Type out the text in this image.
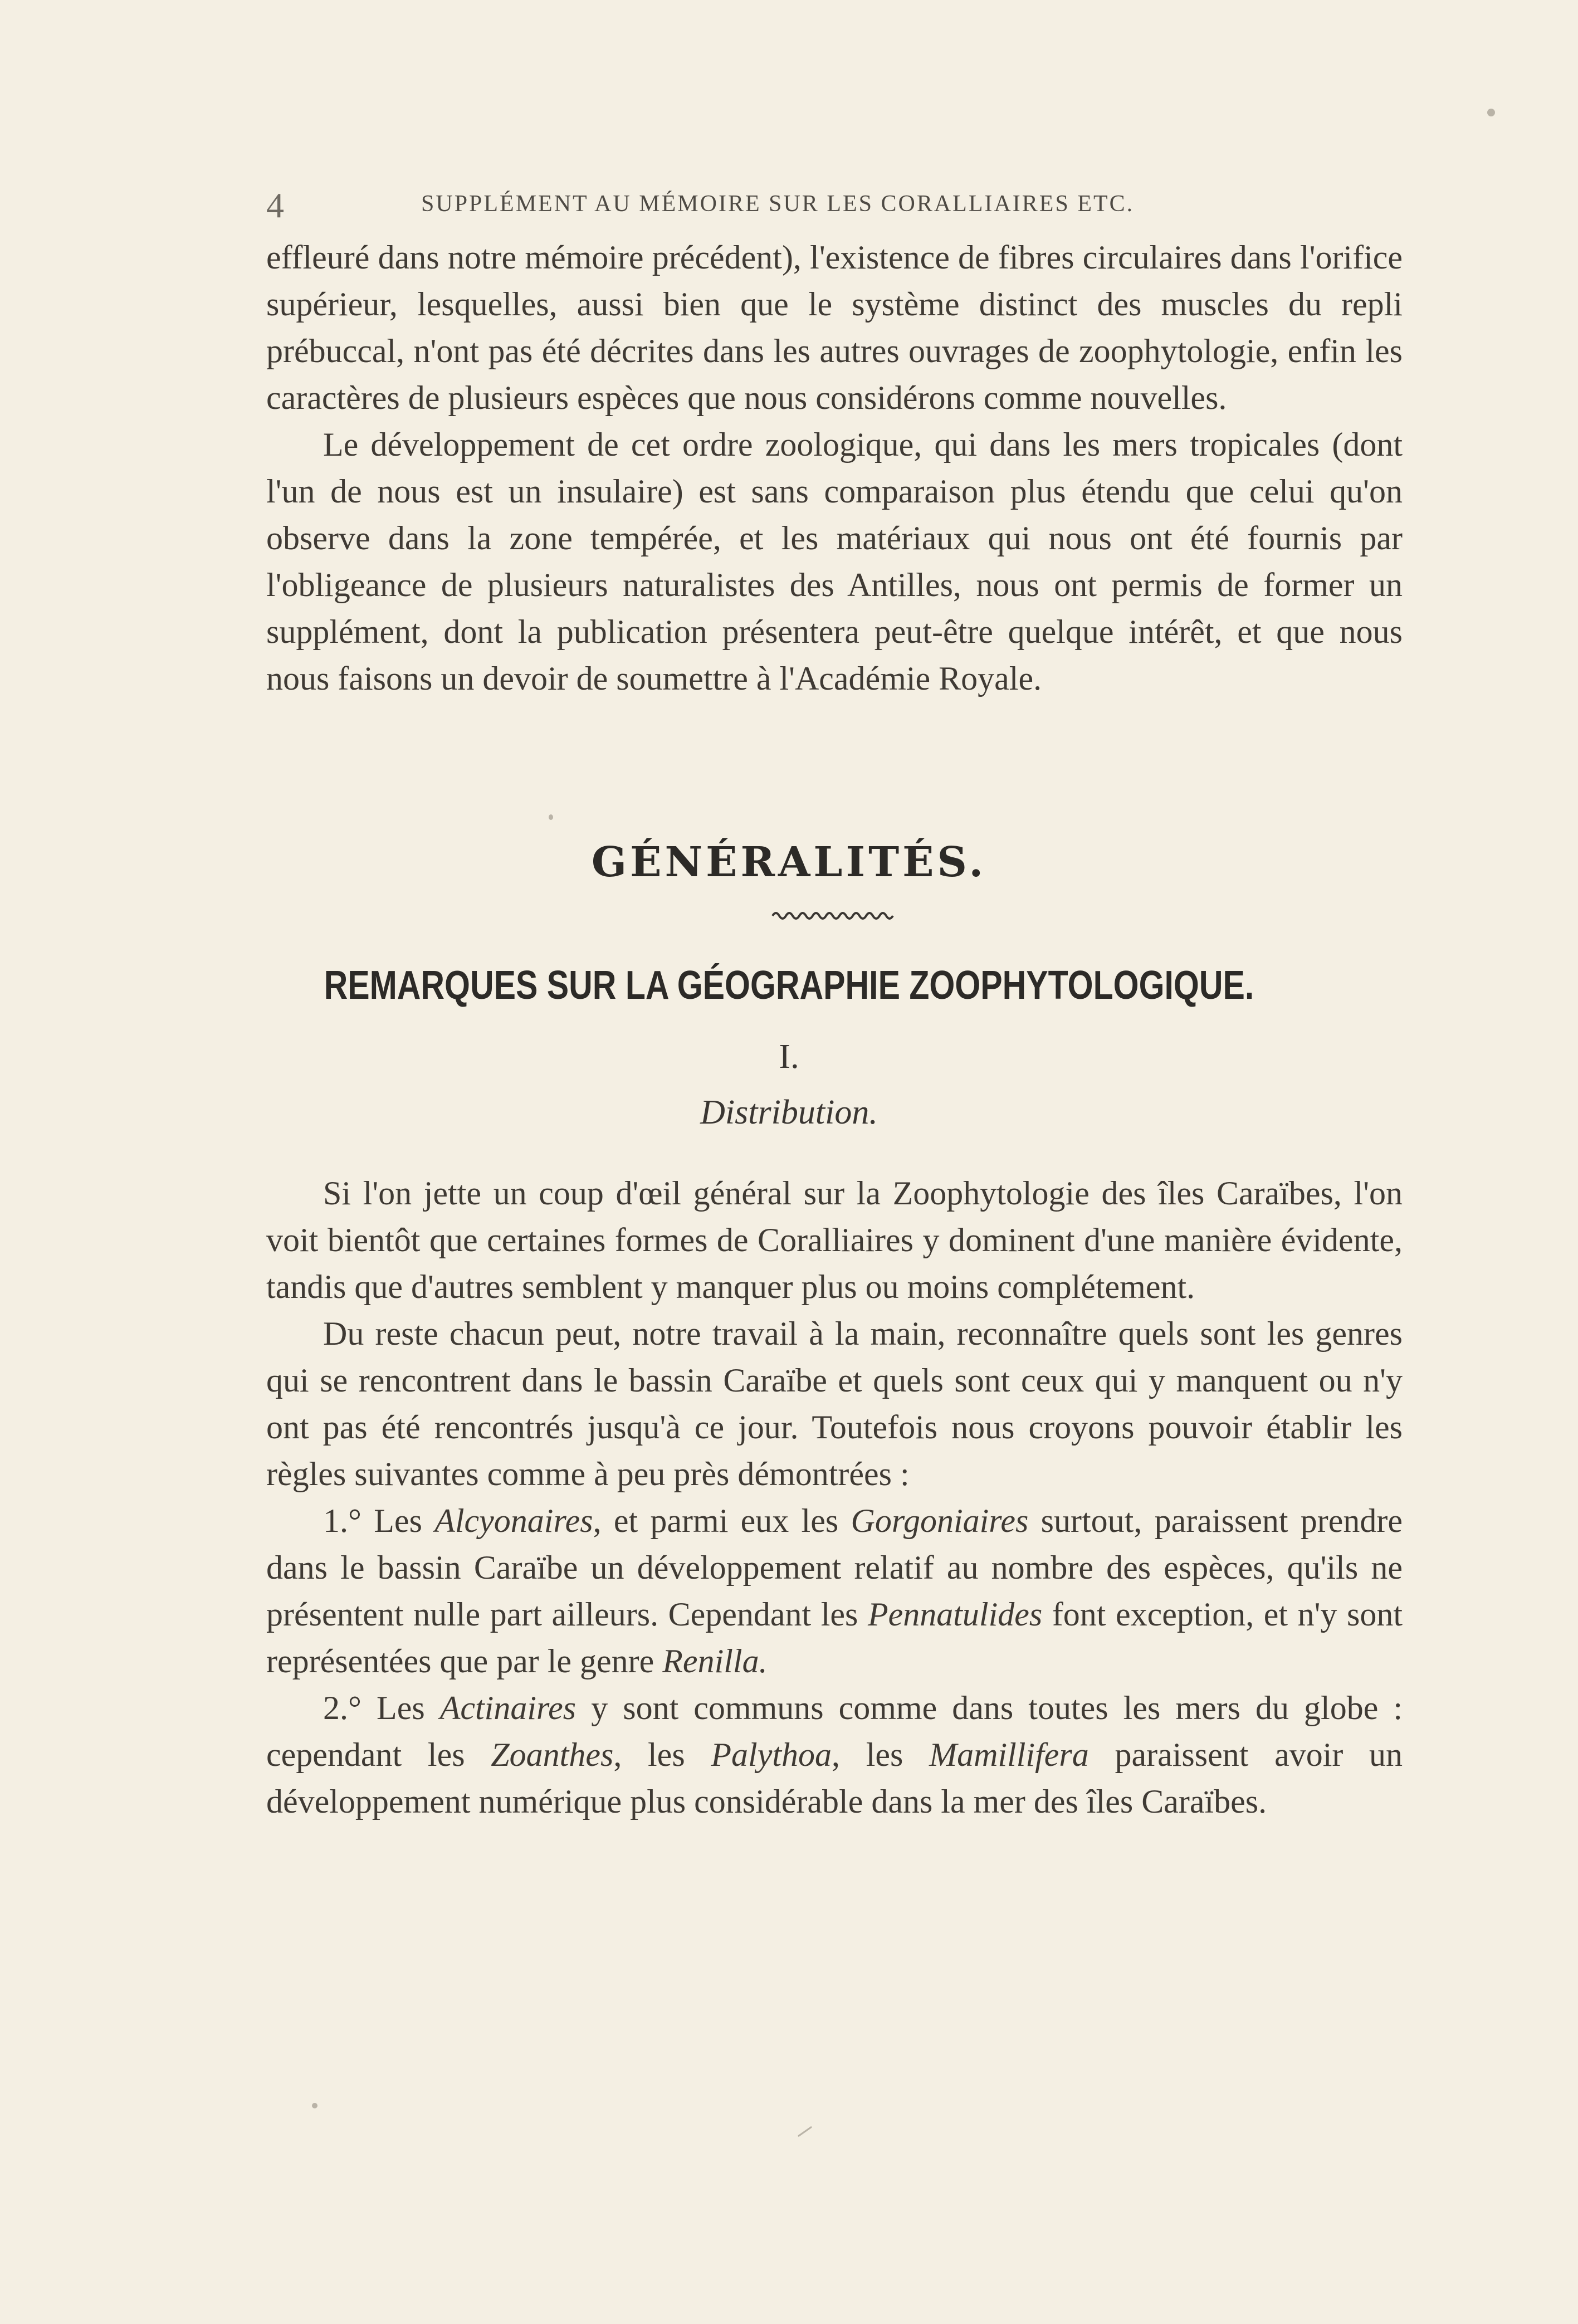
4	SUPPLÉMENT AU MÉMOIRE SUR LES CORALLIAIRES ETC.

effleuré dans notre mémoire précédent), l'existence de fibres circulaires dans l'orifice supérieur, lesquelles, aussi bien que le système distinct des muscles du repli prébuccal, n'ont pas été décrites dans les autres ouvrages de zoophytologie, enfin les caractères de plusieurs espèces que nous considérons comme nouvelles.

Le développement de cet ordre zoologique, qui dans les mers tropicales (dont l'un de nous est un insulaire) est sans comparaison plus étendu que celui qu'on observe dans la zone tempérée, et les matériaux qui nous ont été fournis par l'obligeance de plusieurs naturalistes des Antilles, nous ont permis de former un supplément, dont la publication présentera peut-être quelque intérêt, et que nous nous faisons un devoir de soumettre à l'Académie Royale.

GÉNÉRALITÉS.
REMARQUES SUR LA GÉOGRAPHIE ZOOPHYTOLOGIQUE.
I.
Distribution.

Si l'on jette un coup d'œil général sur la Zoophytologie des îles Caraïbes, l'on voit bientôt que certaines formes de Coralliaires y dominent d'une manière évidente, tandis que d'autres semblent y manquer plus ou moins complétement.

Du reste chacun peut, notre travail à la main, reconnaître quels sont les genres qui se rencontrent dans le bassin Caraïbe et quels sont ceux qui y manquent ou n'y ont pas été rencontrés jusqu'à ce jour. Toutefois nous croyons pouvoir établir les règles suivantes comme à peu près démontrées :

1.° Les Alcyonaires, et parmi eux les Gorgoniaires surtout, paraissent prendre dans le bassin Caraïbe un développement relatif au nombre des espèces, qu'ils ne présentent nulle part ailleurs. Cependant les Pennatulides font exception, et n'y sont représentées que par le genre Renilla.

2.° Les Actinaires y sont communs comme dans toutes les mers du globe : cependant les Zoanthes, les Palythoa, les Mamillifera paraissent avoir un développement numérique plus considérable dans la mer des îles Caraïbes.
